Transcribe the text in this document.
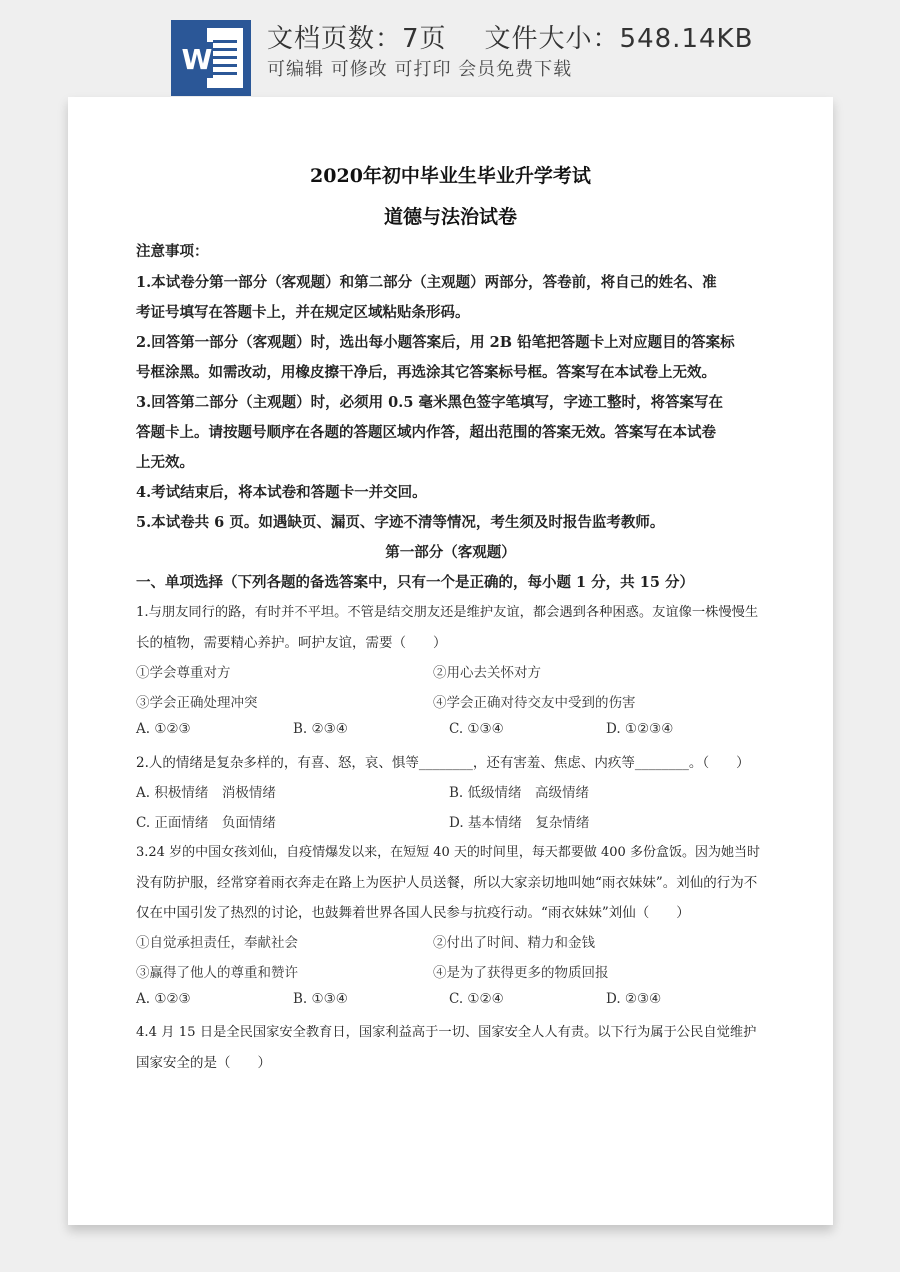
W
文档页数：7页 文件大小：548.14KB
可编辑 可修改 可打印 会员免费下载
2020年初中毕业生毕业升学考试
道德与法治试卷
注意事项：
1.本试卷分第一部分（客观题）和第二部分（主观题）两部分，答卷前，将自己的姓名、准
考证号填写在答题卡上，并在规定区域粘贴条形码。
2.回答第一部分（客观题）时，选出每小题答案后，用 2B 铅笔把答题卡上对应题目的答案标
号框涂黑。如需改动，用橡皮擦干净后，再选涂其它答案标号框。答案写在本试卷上无效。
3.回答第二部分（主观题）时，必须用 0.5 毫米黑色签字笔填写，字迹工整时，将答案写在
答题卡上。请按题号顺序在各题的答题区域内作答，超出范围的答案无效。答案写在本试卷
上无效。
4.考试结束后，将本试卷和答题卡一并交回。
5.本试卷共 6 页。如遇缺页、漏页、字迹不清等情况，考生须及时报告监考教师。
第一部分（客观题）
一、单项选择（下列各题的备选答案中，只有一个是正确的，每小题 1 分，共 15 分）
1.与朋友同行的路，有时并不平坦。不管是结交朋友还是维护友谊，都会遇到各种困惑。友谊像一株慢慢生
长的植物，需要精心养护。呵护友谊，需要（　　）
①学会尊重对方	②用心去关怀对方
③学会正确处理冲突	④学会正确对待交友中受到的伤害
A. ①②③	B. ②③④	C. ①③④	D. ①②③④
2.人的情绪是复杂多样的，有喜、怒，哀、惧等________，还有害羞、焦虑、内疚等________。（　　）
A. 积极情绪　消极情绪	B. 低级情绪　高级情绪
C. 正面情绪　负面情绪	D. 基本情绪　复杂情绪
3.24 岁的中国女孩刘仙，自疫情爆发以来，在短短 40 天的时间里，每天都要做 400 多份盒饭。因为她当时
没有防护服，经常穿着雨衣奔走在路上为医护人员送餐，所以大家亲切地叫她“雨衣妹妹”。刘仙的行为不
仅在中国引发了热烈的讨论，也鼓舞着世界各国人民参与抗疫行动。“雨衣妹妹”刘仙（　　）
①自觉承担责任，奉献社会	②付出了时间、精力和金钱
③赢得了他人的尊重和赞许	④是为了获得更多的物质回报
A. ①②③	B. ①③④	C. ①②④	D. ②③④
4.4 月 15 日是全民国家安全教育日，国家利益高于一切、国家安全人人有责。以下行为属于公民自觉维护
国家安全的是（　　）
